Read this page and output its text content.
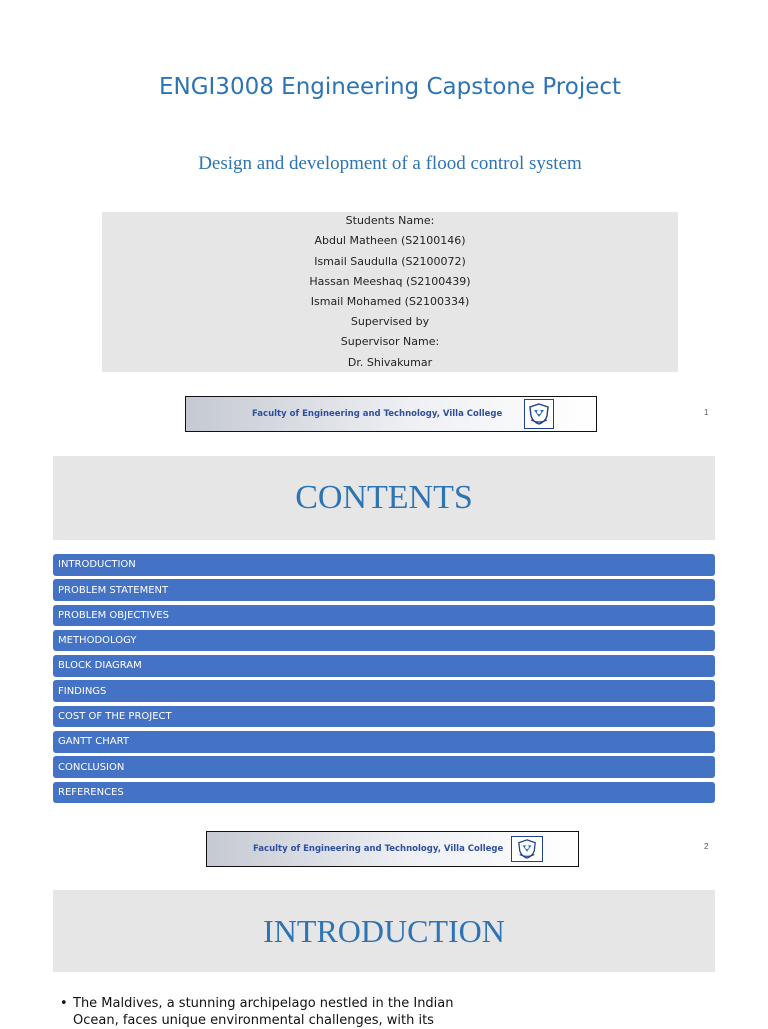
ENGI3008 Engineering Capstone Project
Design and development of a flood control system
Students Name:
Abdul Matheen (S2100146)
Ismail Saudulla (S2100072)
Hassan Meeshaq (S2100439)
Ismail Mohamed (S2100334)
Supervised by
Supervisor Name:
Dr. Shivakumar
Faculty of Engineering and Technology, Villa College	1
CONTENTS
INTRODUCTION
PROBLEM STATEMENT
PROBLEM OBJECTIVES
METHODOLOGY
BLOCK DIAGRAM
FINDINGS
COST OF THE PROJECT
GANTT CHART
CONCLUSION
REFERENCES
Faculty of Engineering and Technology, Villa College	2
INTRODUCTION
• The Maldives, a stunning archipelago nestled in the Indian
Ocean, faces unique environmental challenges, with its
